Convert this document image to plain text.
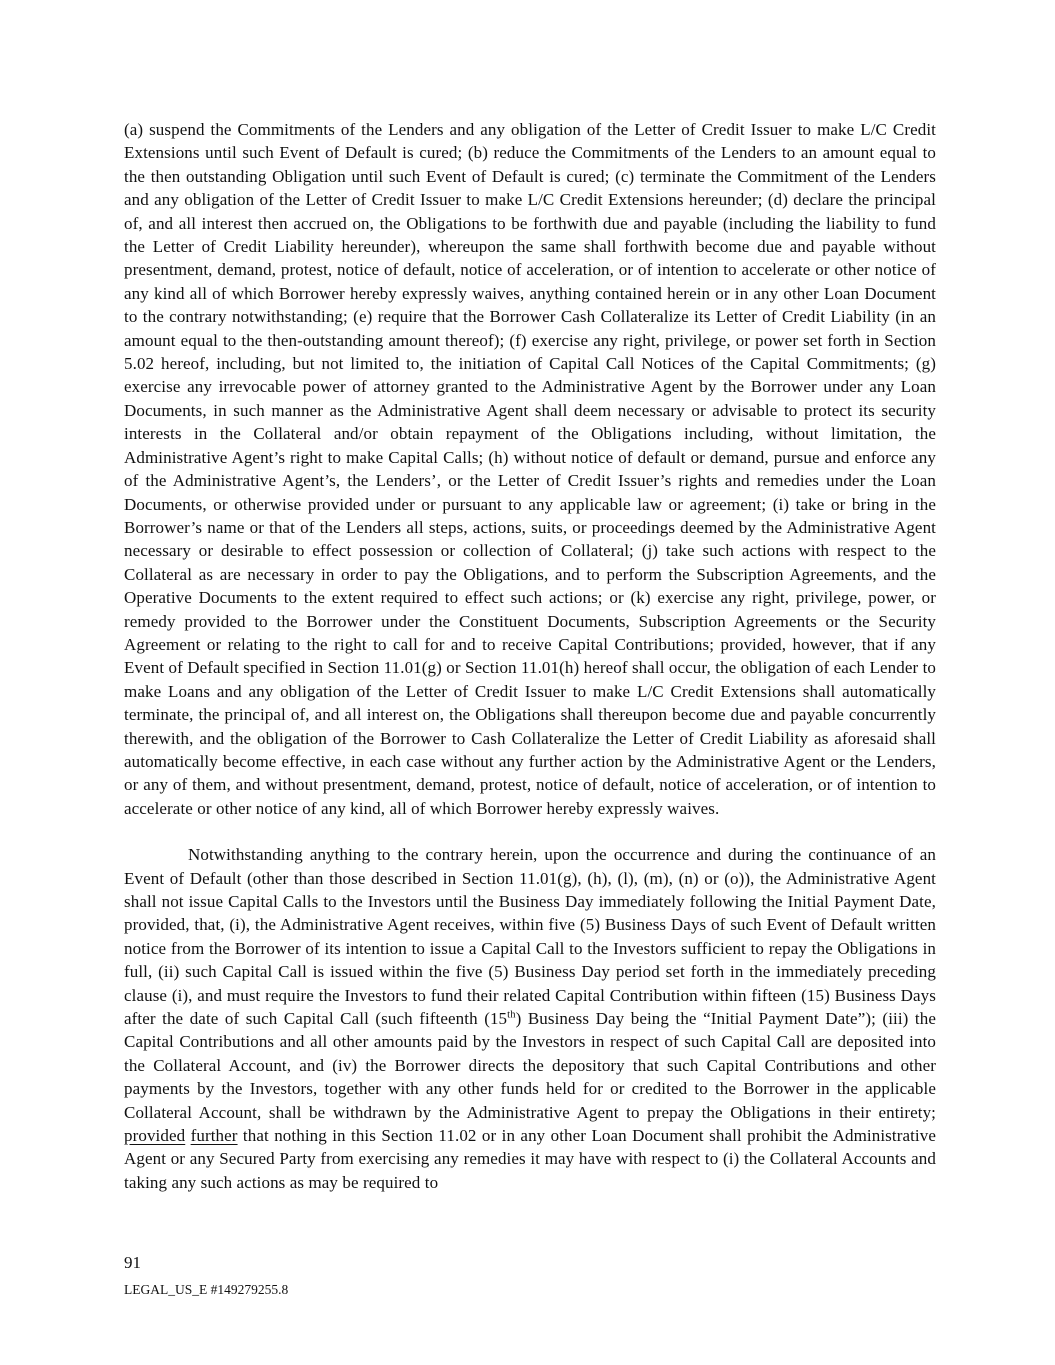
(a) suspend the Commitments of the Lenders and any obligation of the Letter of Credit Issuer to make L/C Credit Extensions until such Event of Default is cured; (b) reduce the Commitments of the Lenders to an amount equal to the then outstanding Obligation until such Event of Default is cured; (c) terminate the Commitment of the Lenders and any obligation of the Letter of Credit Issuer to make L/C Credit Extensions hereunder; (d) declare the principal of, and all interest then accrued on, the Obligations to be forthwith due and payable (including the liability to fund the Letter of Credit Liability hereunder), whereupon the same shall forthwith become due and payable without presentment, demand, protest, notice of default, notice of acceleration, or of intention to accelerate or other notice of any kind all of which Borrower hereby expressly waives, anything contained herein or in any other Loan Document to the contrary notwithstanding; (e) require that the Borrower Cash Collateralize its Letter of Credit Liability (in an amount equal to the then-outstanding amount thereof); (f) exercise any right, privilege, or power set forth in Section 5.02 hereof, including, but not limited to, the initiation of Capital Call Notices of the Capital Commitments; (g) exercise any irrevocable power of attorney granted to the Administrative Agent by the Borrower under any Loan Documents, in such manner as the Administrative Agent shall deem necessary or advisable to protect its security interests in the Collateral and/or obtain repayment of the Obligations including, without limitation, the Administrative Agent’s right to make Capital Calls; (h) without notice of default or demand, pursue and enforce any of the Administrative Agent’s, the Lenders’, or the Letter of Credit Issuer’s rights and remedies under the Loan Documents, or otherwise provided under or pursuant to any applicable law or agreement; (i) take or bring in the Borrower’s name or that of the Lenders all steps, actions, suits, or proceedings deemed by the Administrative Agent necessary or desirable to effect possession or collection of Collateral; (j) take such actions with respect to the Collateral as are necessary in order to pay the Obligations, and to perform the Subscription Agreements, and the Operative Documents to the extent required to effect such actions; or (k) exercise any right, privilege, power, or remedy provided to the Borrower under the Constituent Documents, Subscription Agreements or the Security Agreement or relating to the right to call for and to receive Capital Contributions; provided, however, that if any Event of Default specified in Section 11.01(g) or Section 11.01(h) hereof shall occur, the obligation of each Lender to make Loans and any obligation of the Letter of Credit Issuer to make L/C Credit Extensions shall automatically terminate, the principal of, and all interest on, the Obligations shall thereupon become due and payable concurrently therewith, and the obligation of the Borrower to Cash Collateralize the Letter of Credit Liability as aforesaid shall automatically become effective, in each case without any further action by the Administrative Agent or the Lenders, or any of them, and without presentment, demand, protest, notice of default, notice of acceleration, or of intention to accelerate or other notice of any kind, all of which Borrower hereby expressly waives.

Notwithstanding anything to the contrary herein, upon the occurrence and during the continuance of an Event of Default (other than those described in Section 11.01(g), (h), (l), (m), (n) or (o)), the Administrative Agent shall not issue Capital Calls to the Investors until the Business Day immediately following the Initial Payment Date, provided, that, (i), the Administrative Agent receives, within five (5) Business Days of such Event of Default written notice from the Borrower of its intention to issue a Capital Call to the Investors sufficient to repay the Obligations in full, (ii) such Capital Call is issued within the five (5) Business Day period set forth in the immediately preceding clause (i), and must require the Investors to fund their related Capital Contribution within fifteen (15) Business Days after the date of such Capital Call (such fifteenth (15th) Business Day being the “Initial Payment Date”); (iii) the Capital Contributions and all other amounts paid by the Investors in respect of such Capital Call are deposited into the Collateral Account, and (iv) the Borrower directs the depository that such Capital Contributions and other payments by the Investors, together with any other funds held for or credited to the Borrower in the applicable Collateral Account, shall be withdrawn by the Administrative Agent to prepay the Obligations in their entirety; provided further that nothing in this Section 11.02 or in any other Loan Document shall prohibit the Administrative Agent or any Secured Party from exercising any remedies it may have with respect to (i) the Collateral Accounts and taking any such actions as may be required to

91
LEGAL_US_E #149279255.8
